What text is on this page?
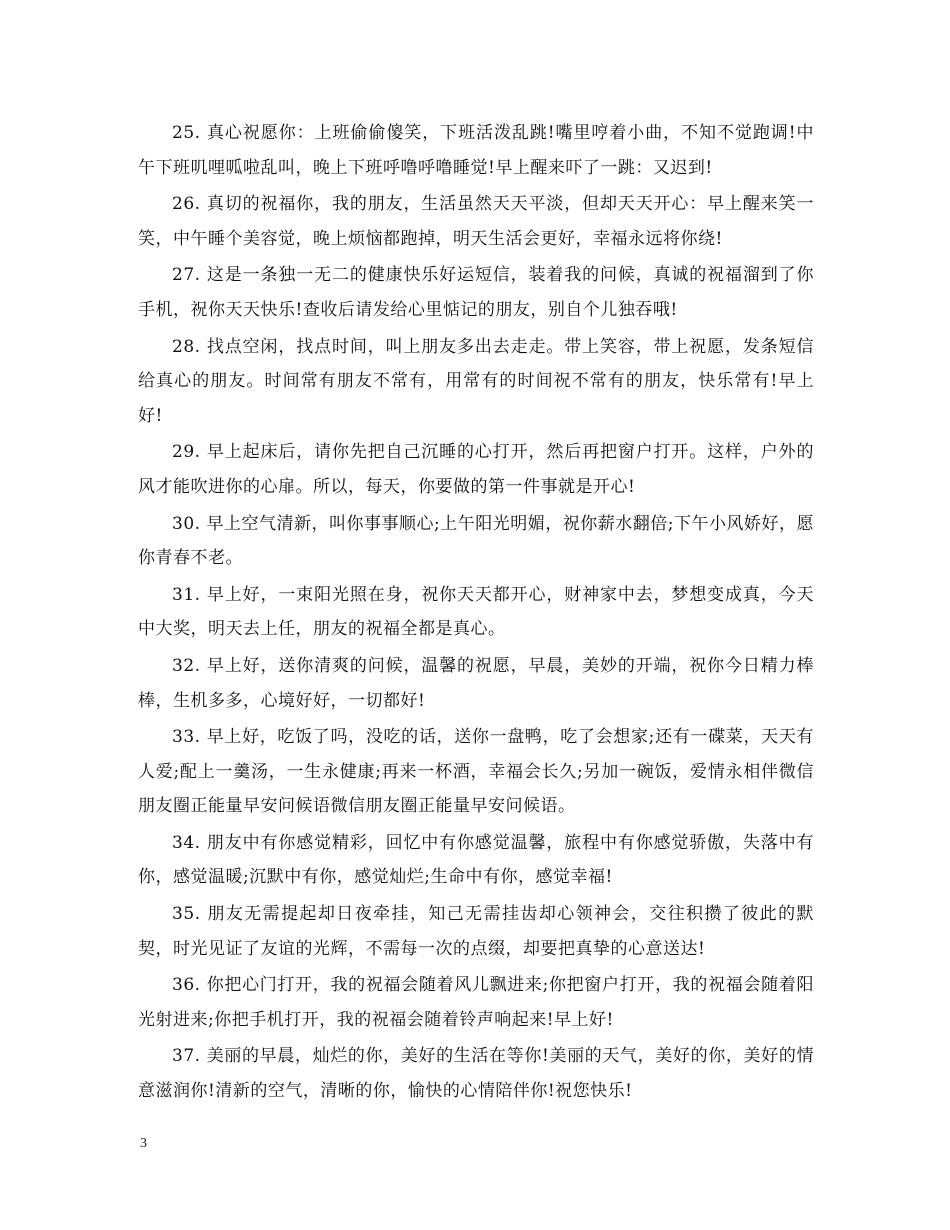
25. 真心祝愿你：上班偷偷傻笑，下班活泼乱跳!嘴里哼着小曲，不知不觉跑调!中午下班叽哩呱啦乱叫，晚上下班呼噜呼噜睡觉!早上醒来吓了一跳：又迟到!

26. 真切的祝福你，我的朋友，生活虽然天天平淡，但却天天开心：早上醒来笑一笑，中午睡个美容觉，晚上烦恼都跑掉，明天生活会更好，幸福永远将你绕!

27. 这是一条独一无二的健康快乐好运短信，装着我的问候，真诚的祝福溜到了你手机，祝你天天快乐!查收后请发给心里惦记的朋友，别自个儿独吞哦!

28. 找点空闲，找点时间，叫上朋友多出去走走。带上笑容，带上祝愿，发条短信给真心的朋友。时间常有朋友不常有，用常有的时间祝不常有的朋友，快乐常有!早上好!

29. 早上起床后，请你先把自己沉睡的心打开，然后再把窗户打开。这样，户外的风才能吹进你的心扉。所以，每天，你要做的第一件事就是开心!

30. 早上空气清新，叫你事事顺心;上午阳光明媚，祝你薪水翻倍;下午小风娇好，愿你青春不老。

31. 早上好，一束阳光照在身，祝你天天都开心，财神家中去，梦想变成真，今天中大奖，明天去上任，朋友的祝福全都是真心。

32. 早上好，送你清爽的问候，温馨的祝愿，早晨，美妙的开端，祝你今日精力棒棒，生机多多，心境好好，一切都好!

33. 早上好，吃饭了吗，没吃的话，送你一盘鸭，吃了会想家;还有一碟菜，天天有人爱;配上一羹汤，一生永健康;再来一杯酒，幸福会长久;另加一碗饭，爱情永相伴微信朋友圈正能量早安问候语微信朋友圈正能量早安问候语。

34. 朋友中有你感觉精彩，回忆中有你感觉温馨，旅程中有你感觉骄傲，失落中有你，感觉温暖;沉默中有你，感觉灿烂;生命中有你，感觉幸福!

35. 朋友无需提起却日夜牵挂，知己无需挂齿却心领神会，交往积攒了彼此的默契，时光见证了友谊的光辉，不需每一次的点缀，却要把真挚的心意送达!

36. 你把心门打开，我的祝福会随着风儿飘进来;你把窗户打开，我的祝福会随着阳光射进来;你把手机打开，我的祝福会随着铃声响起来!早上好!

37. 美丽的早晨，灿烂的你，美好的生活在等你!美丽的天气，美好的你，美好的情意滋润你!清新的空气，清晰的你，愉快的心情陪伴你!祝您快乐!

3
